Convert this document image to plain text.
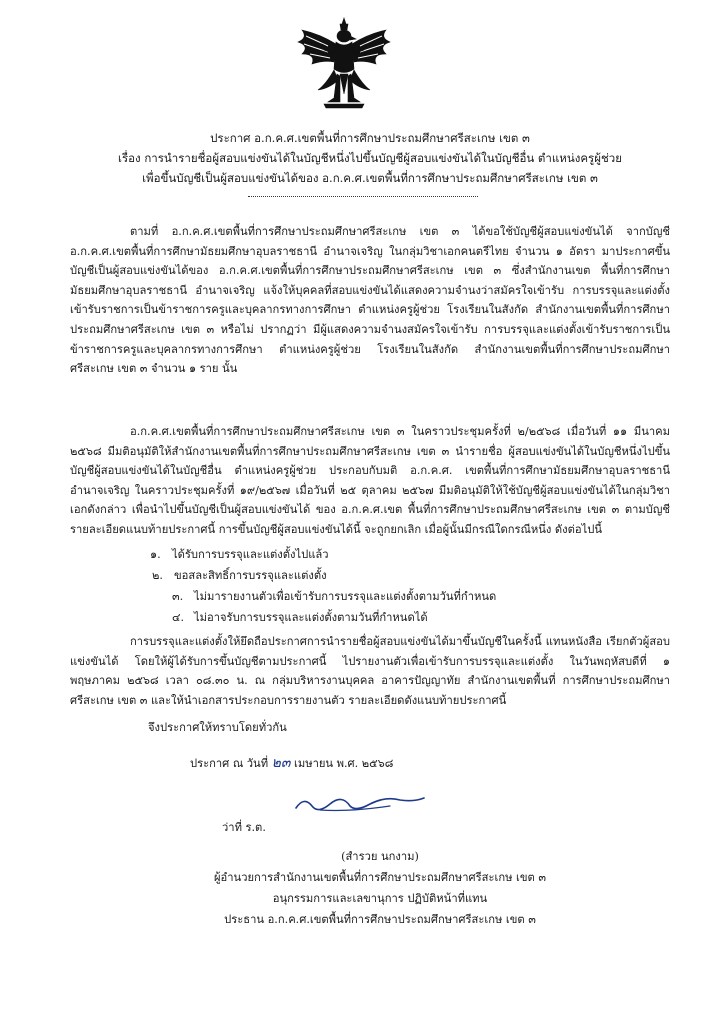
ประกาศ อ.ก.ค.ศ.เขตพื้นที่การศึกษาประถมศึกษาศรีสะเกษ เขต ๓
เรื่อง การนำรายชื่อผู้สอบแข่งขันได้ในบัญชีหนึ่งไปขึ้นบัญชีผู้สอบแข่งขันได้ในบัญชีอื่น ตำแหน่งครูผู้ช่วย
เพื่อขึ้นบัญชีเป็นผู้สอบแข่งขันได้ของ อ.ก.ค.ศ.เขตพื้นที่การศึกษาประถมศึกษาศรีสะเกษ เขต ๓
ตามที่ อ.ก.ค.ศ.เขตพื้นที่การศึกษาประถมศึกษาศรีสะเกษ เขต ๓ ได้ขอใช้บัญชีผู้สอบแข่งขันได้ จากบัญชี อ.ก.ค.ศ.เขตพื้นที่การศึกษามัธยมศึกษาอุบลราชธานี อำนาจเจริญ ในกลุ่มวิชาเอกคนตรีไทย จำนวน ๑ อัตรา มาประกาศขึ้นบัญชีเป็นผู้สอบแข่งขันได้ของ อ.ก.ค.ศ.เขตพื้นที่การศึกษาประถมศึกษาศรีสะเกษ เขต ๓ ซึ่งสำนักงานเขต พื้นที่การศึกษามัธยมศึกษาอุบลราชธานี อำนาจเจริญ แจ้งให้บุคคลที่สอบแข่งขันได้แสดงความจำนงว่าสมัครใจเข้ารับ การบรรจุและแต่งตั้งเข้ารับราชการเป็นข้าราชการครูและบุคลากรทางการศึกษา ตำแหน่งครูผู้ช่วย โรงเรียนในสังกัด สำนักงานเขตพื้นที่การศึกษาประถมศึกษาศรีสะเกษ เขต ๓ หรือไม่ ปรากฏว่า มีผู้แสดงความจำนงสมัครใจเข้ารับ การบรรจุและแต่งตั้งเข้ารับราชการเป็นข้าราชการครูและบุคลากรทางการศึกษา ตำแหน่งครูผู้ช่วย โรงเรียนในสังกัด สำนักงานเขตพื้นที่การศึกษาประถมศึกษาศรีสะเกษ เขต ๓ จำนวน ๑ ราย นั้น
อ.ก.ค.ศ.เขตพื้นที่การศึกษาประถมศึกษาศรีสะเกษ เขต ๓ ในคราวประชุมครั้งที่ ๒/๒๕๖๘ เมื่อวันที่ ๑๑ มีนาคม ๒๕๖๘ มีมติอนุมัติให้สำนักงานเขตพื้นที่การศึกษาประถมศึกษาศรีสะเกษ เขต ๓ นำรายชื่อ ผู้สอบแข่งขันได้ในบัญชีหนึ่งไปขึ้นบัญชีผู้สอบแข่งขันได้ในบัญชีอื่น ตำแหน่งครูผู้ช่วย ประกอบกับมติ อ.ก.ค.ศ. เขตพื้นที่การศึกษามัธยมศึกษาอุบลราชธานี อำนาจเจริญ ในคราวประชุมครั้งที่ ๑๙/๒๕๖๗ เมื่อวันที่ ๒๕ ตุลาคม ๒๕๖๗ มีมติอนุมัติให้ใช้บัญชีผู้สอบแข่งขันได้ในกลุ่มวิชาเอกดังกล่าว เพื่อนำไปขึ้นบัญชีเป็นผู้สอบแข่งขันได้ ของ อ.ก.ค.ศ.เขต พื้นที่การศึกษาประถมศึกษาศรีสะเกษ เขต ๓ ตามบัญชีรายละเอียดแนบท้ายประกาศนี้ การขึ้นบัญชีผู้สอบแข่งขันได้นี้ จะถูกยกเลิก เมื่อผู้นั้นมีกรณีใดกรณีหนึ่ง ดังต่อไปนี้
๑. ได้รับการบรรจุและแต่งตั้งไปแล้ว
๒. ขอสละสิทธิ์การบรรจุและแต่งตั้ง
๓. ไม่มารายงานตัวเพื่อเข้ารับการบรรจุและแต่งตั้งตามวันที่กำหนด
๔. ไม่อาจรับการบรรจุและแต่งตั้งตามวันที่กำหนดได้
การบรรจุและแต่งตั้งให้ยึดถือประกาศการนำรายชื่อผู้สอบแข่งขันได้มาขึ้นบัญชีในครั้งนี้ แทนหนังสือ เรียกตัวผู้สอบแข่งขันได้ โดยให้ผู้ได้รับการขึ้นบัญชีตามประกาศนี้ ไปรายงานตัวเพื่อเข้ารับการบรรจุและแต่งตั้ง ในวันพฤหัสบดีที่ ๑ พฤษภาคม ๒๕๖๘ เวลา ๐๘.๓๐ น. ณ กลุ่มบริหารงานบุคคล อาคารปัญญาทัย สำนักงานเขตพื้นที่ การศึกษาประถมศึกษาศรีสะเกษ เขต ๓ และให้นำเอกสารประกอบการรายงานตัว รายละเอียดดังแนบท้ายประกาศนี้
จึงประกาศให้ทราบโดยทั่วกัน
ประกาศ ณ วันที่ ๒๓ เมษายน พ.ศ. ๒๕๖๘
ว่าที่ ร.ต.
(สำรวย นกงาม)
ผู้อำนวยการสำนักงานเขตพื้นที่การศึกษาประถมศึกษาศรีสะเกษ เขต ๓
อนุกรรมการและเลขานุการ ปฏิบัติหน้าที่แทน
ประธาน อ.ก.ค.ศ.เขตพื้นที่การศึกษาประถมศึกษาศรีสะเกษ เขต ๓
